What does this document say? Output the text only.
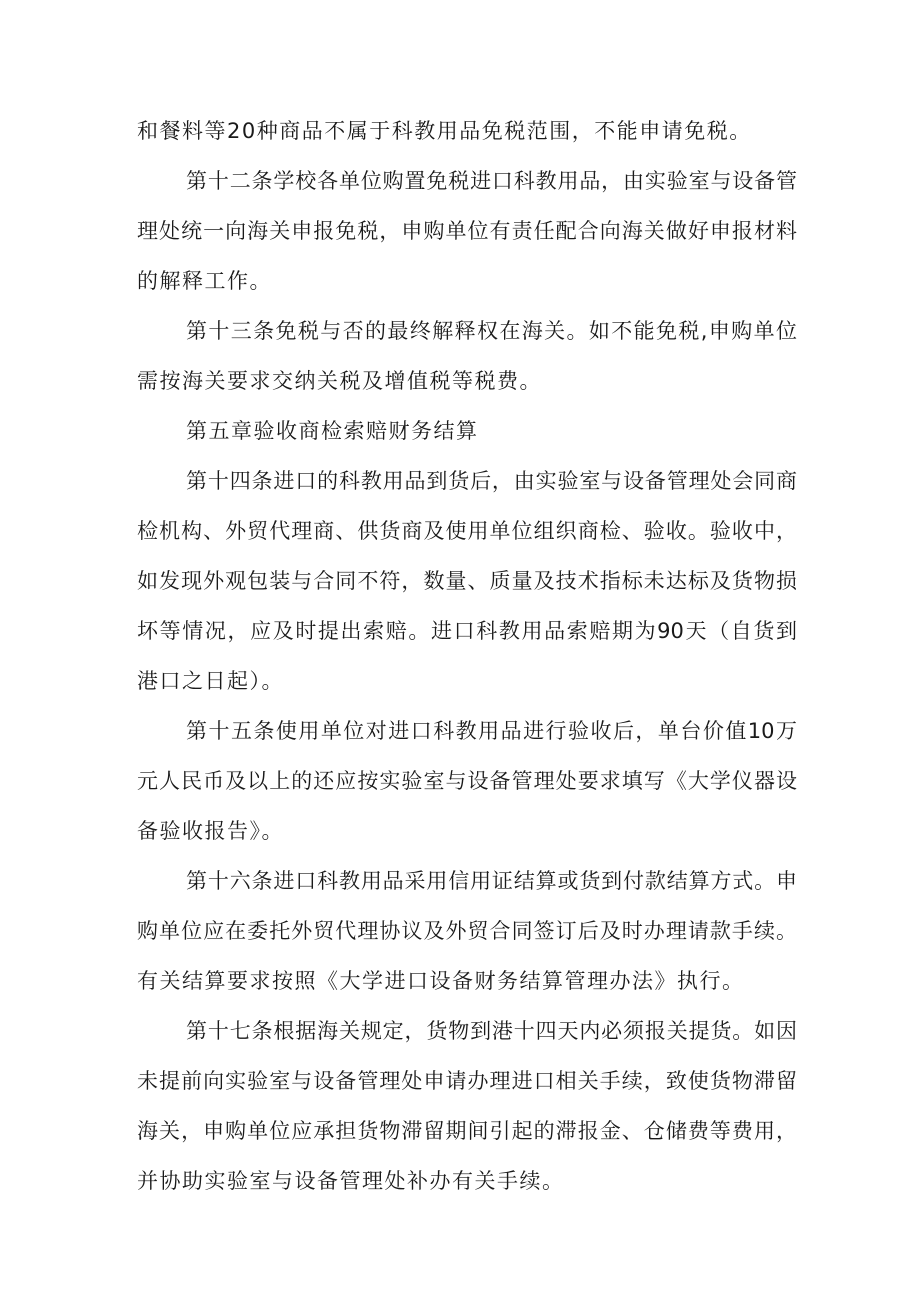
和餐料等20种商品不属于科教用品免税范围，不能申请免税。
第十二条学校各单位购置免税进口科教用品，由实验室与设备管
理处统一向海关申报免税，申购单位有责任配合向海关做好申报材料
的解释工作。
第十三条免税与否的最终解释权在海关。如不能免税,申购单位
需按海关要求交纳关税及增值税等税费。
第五章验收商检索赔财务结算
第十四条进口的科教用品到货后，由实验室与设备管理处会同商
检机构、外贸代理商、供货商及使用单位组织商检、验收。验收中，
如发现外观包装与合同不符，数量、质量及技术指标未达标及货物损
坏等情况，应及时提出索赔。进口科教用品索赔期为90天（自货到
港口之日起）。
第十五条使用单位对进口科教用品进行验收后，单台价值10万
元人民币及以上的还应按实验室与设备管理处要求填写《大学仪器设
备验收报告》。
第十六条进口科教用品采用信用证结算或货到付款结算方式。申
购单位应在委托外贸代理协议及外贸合同签订后及时办理请款手续。
有关结算要求按照《大学进口设备财务结算管理办法》执行。
第十七条根据海关规定，货物到港十四天内必须报关提货。如因
未提前向实验室与设备管理处申请办理进口相关手续，致使货物滞留
海关，申购单位应承担货物滞留期间引起的滞报金、仓储费等费用，
并协助实验室与设备管理处补办有关手续。
